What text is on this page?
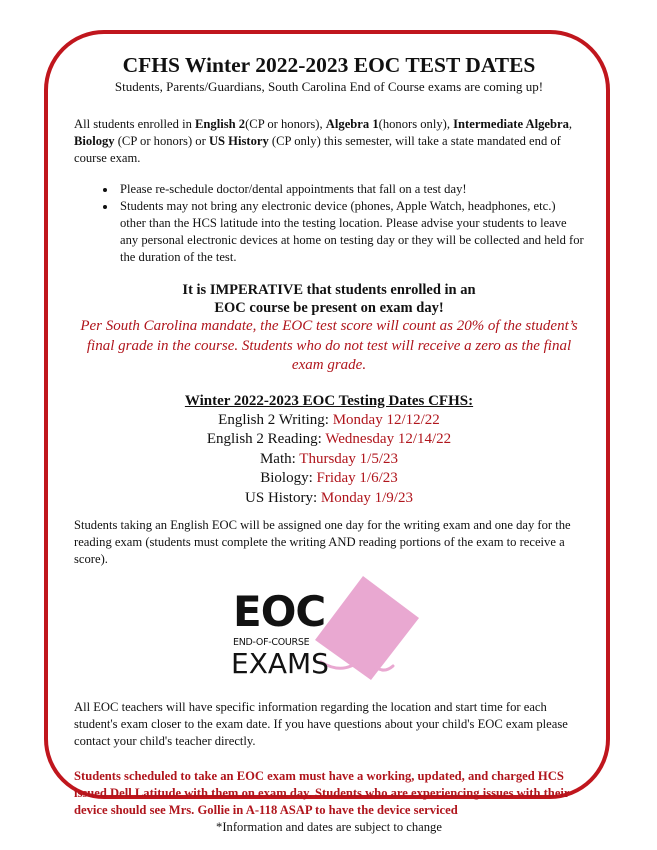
CFHS Winter 2022-2023 EOC TEST DATES

Students, Parents/Guardians, South Carolina End of Course exams are coming up!

All students enrolled in English 2(CP or honors), Algebra 1(honors only), Intermediate Algebra, Biology (CP or honors) or US History (CP only) this semester, will take a state mandated end of course exam.

• Please re-schedule doctor/dental appointments that fall on a test day!
• Students may not bring any electronic device (phones, Apple Watch, headphones, etc.) other than the HCS latitude into the testing location. Please advise your students to leave any personal electronic devices at home on testing day or they will be collected and held for the duration of the test.
It is IMPERATIVE that students enrolled in an
EOC course be present on exam day!
Per South Carolina mandate, the EOC test score will count as 20% of the student’s final grade in the course. Students who do not test will receive a zero as the final exam grade.
Winter 2022-2023 EOC Testing Dates CFHS:
English 2 Writing: Monday 12/12/22
English 2 Reading: Wednesday 12/14/22
Math: Thursday 1/5/23
Biology: Friday 1/6/23
US History: Monday 1/9/23

Students taking an English EOC will be assigned one day for the writing exam and one day for the reading exam (students must complete the writing AND reading portions of the exam to receive a score).

EOC
END-OF-COURSE
EXAMS

All EOC teachers will have specific information regarding the location and start time for each student's exam closer to the exam date. If you have questions about your child's EOC exam please contact your child's teacher directly.

Students scheduled to take an EOC exam must have a working, updated, and charged HCS issued Dell Latitude with them on exam day. Students who are experiencing issues with their device should see Mrs. Gollie in A-118 ASAP to have the device serviced

*Information and dates are subject to change
